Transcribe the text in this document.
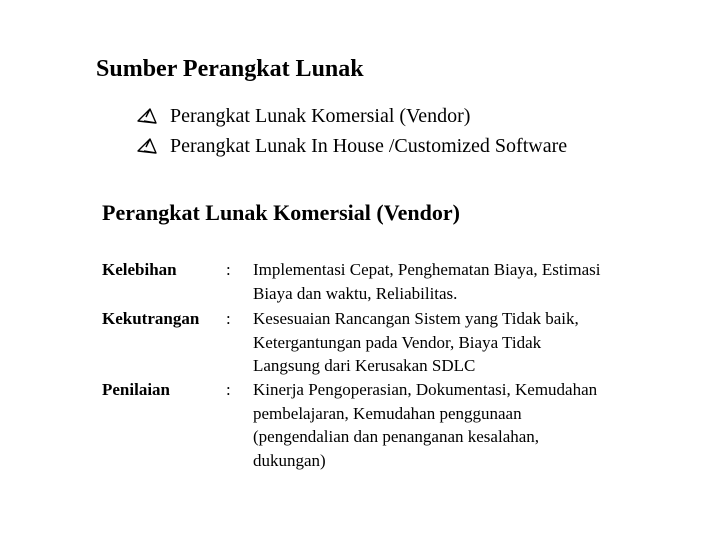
Sumber Perangkat Lunak
Perangkat Lunak Komersial (Vendor)
Perangkat Lunak In House /Customized Software
Perangkat Lunak Komersial (Vendor)
Kelebihan	: Implementasi Cepat, Penghematan Biaya, Estimasi
Biaya dan waktu, Reliabilitas.
Kekutrangan : Kesesuaian Rancangan Sistem yang Tidak baik,
Ketergantungan pada Vendor, Biaya Tidak
Langsung dari Kerusakan SDLC
Penilaian	: Kinerja Pengoperasian, Dokumentasi, Kemudahan
pembelajaran, Kemudahan penggunaan
(pengendalian dan penanganan kesalahan,
dukungan)
